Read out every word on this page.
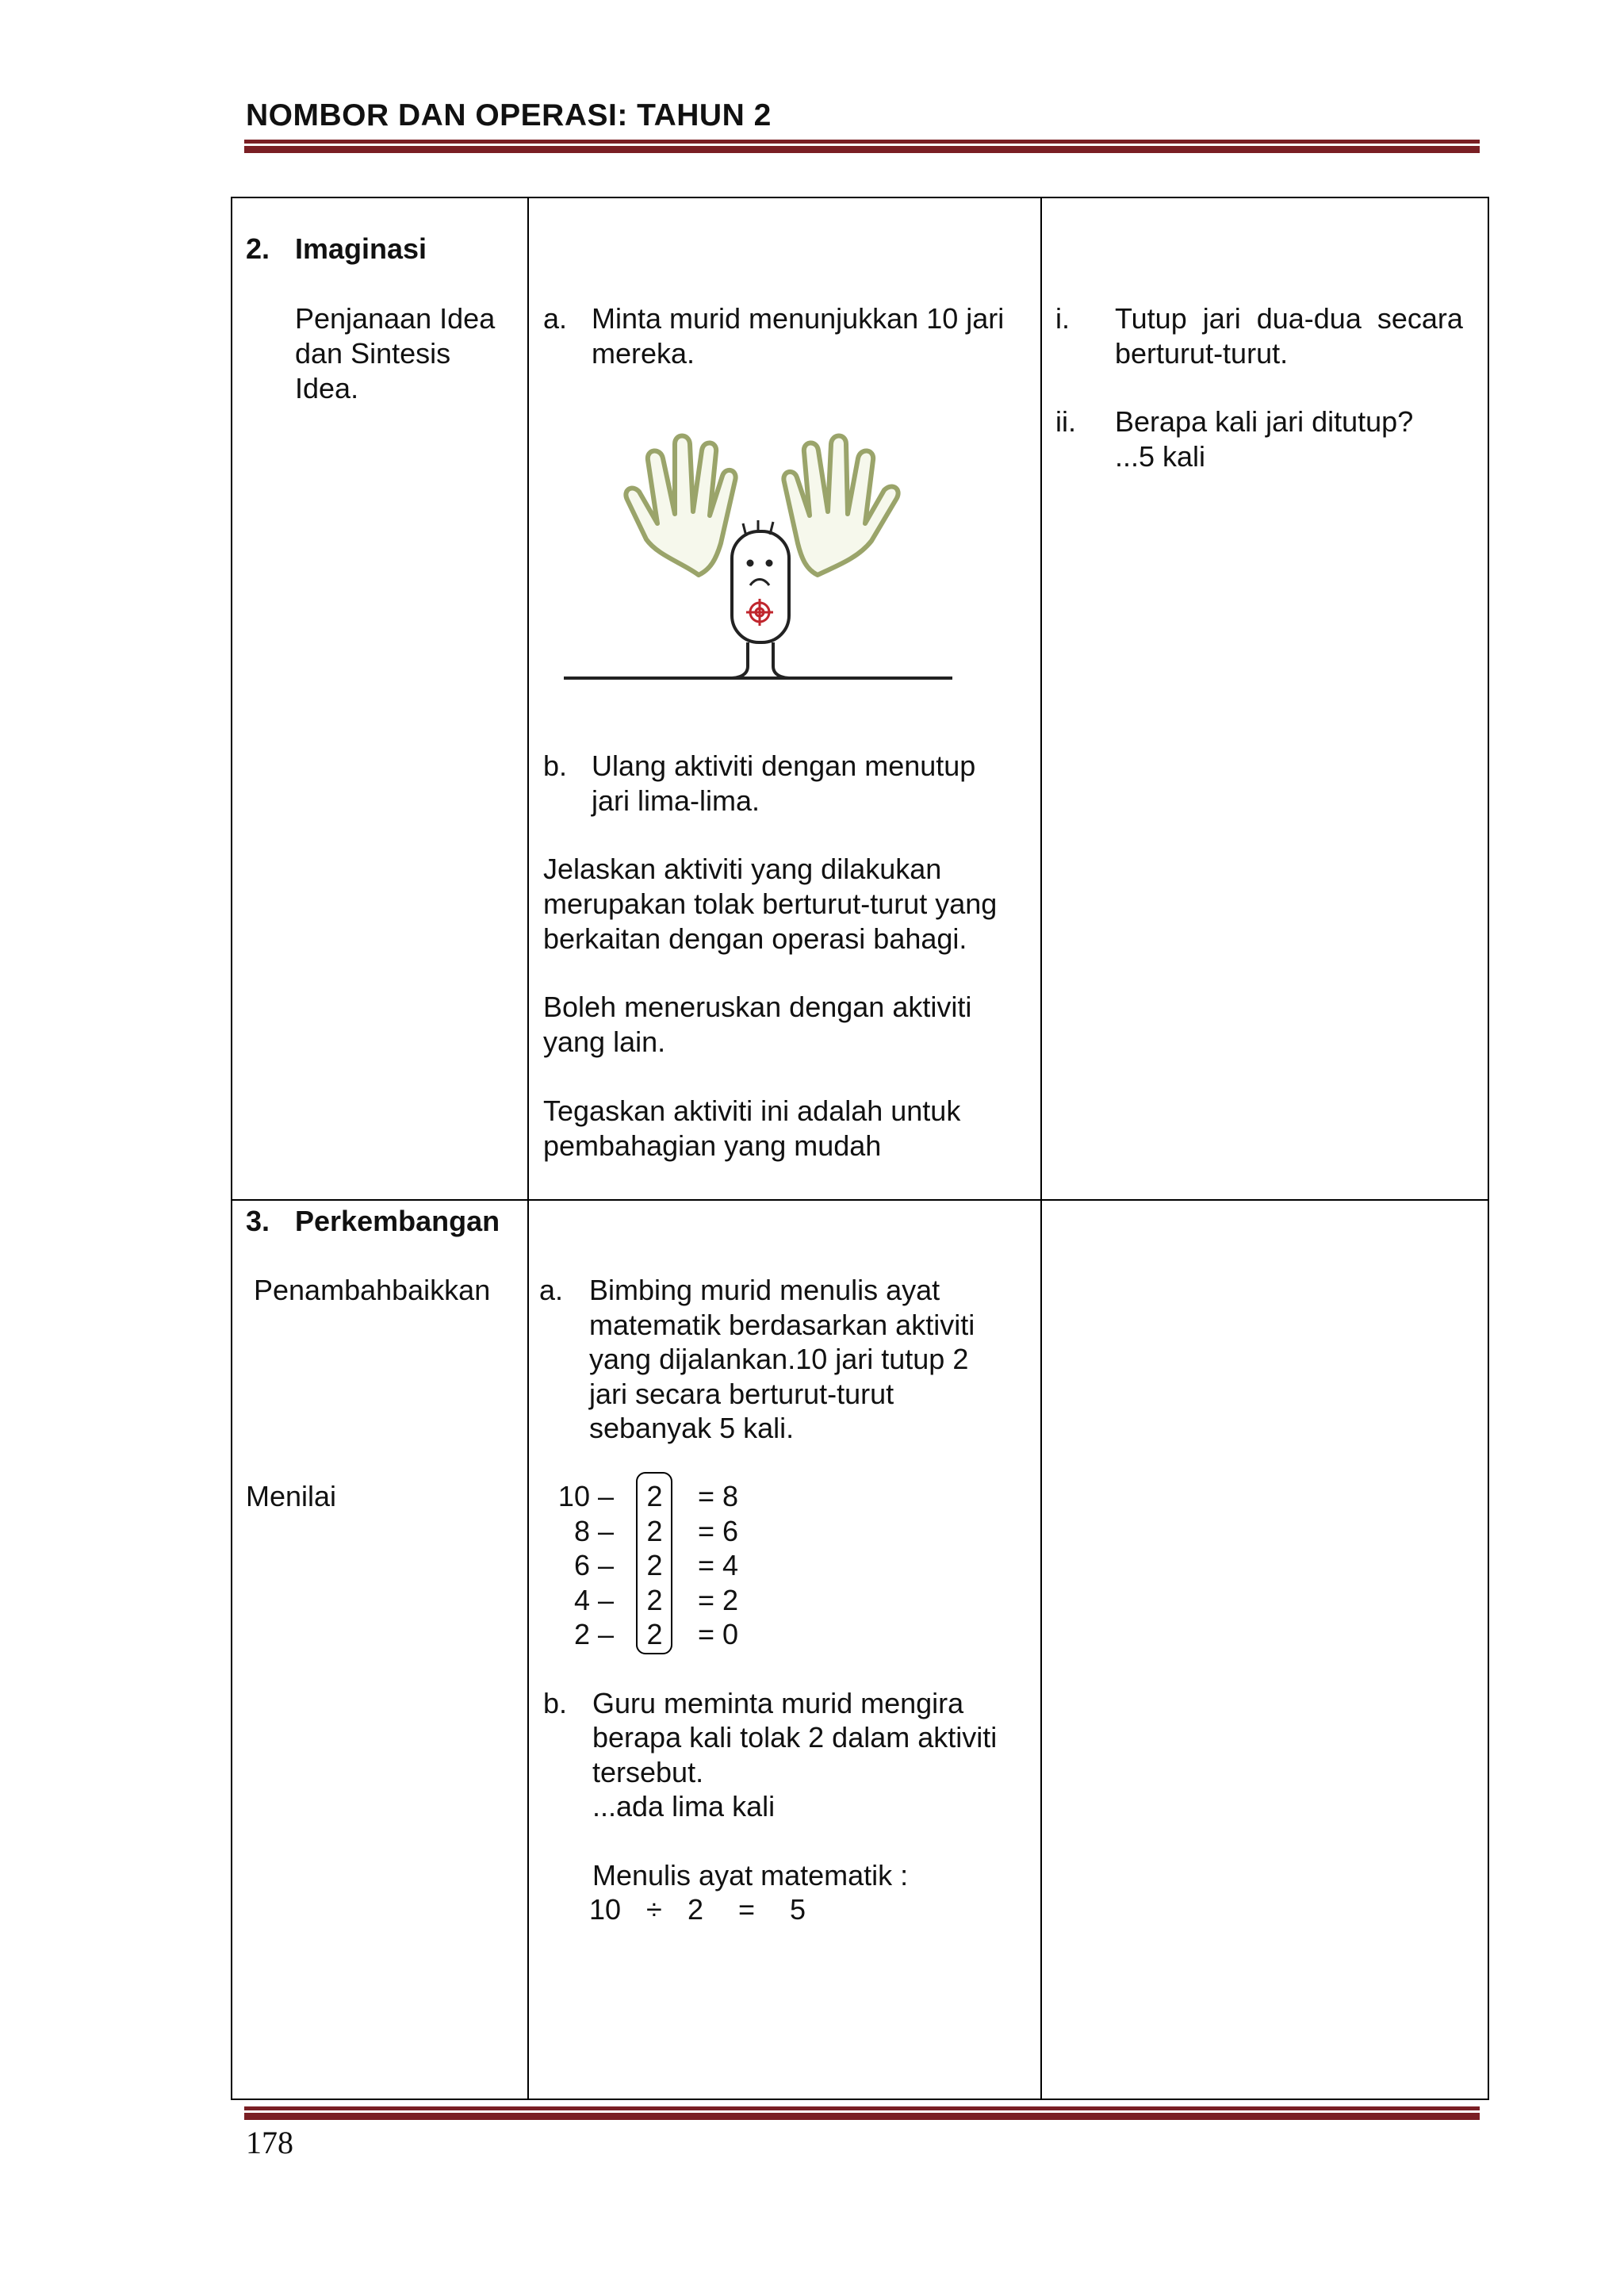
NOMBOR DAN OPERASI: TAHUN 2
2. Imaginasi
Penjanaan Idea
dan Sintesis
Idea.
a. Minta murid menunjukkan 10 jari
mereka.
b. Ulang aktiviti dengan menutup
jari lima-lima.
Jelaskan aktiviti yang dilakukan
merupakan tolak berturut-turut yang
berkaitan dengan operasi bahagi.
Boleh meneruskan dengan aktiviti
yang lain.
Tegaskan aktiviti ini adalah untuk
pembahagian yang mudah
i. Tutup  jari  dua-dua  secara
berturut-turut.
ii. Berapa kali jari ditutup?
...5 kali
3. Perkembangan
Penambahbaikkan
Menilai
a. Bimbing murid menulis ayat
matematik berdasarkan aktiviti
yang dijalankan.10 jari tutup 2
jari secara berturut-turut
sebanyak 5 kali.
10 – 2 = 8
8 – 2 = 6
6 – 2 = 4
4 – 2 = 2
2 – 2 = 0
b. Guru meminta murid mengira
berapa kali tolak 2 dalam aktiviti
tersebut.
...ada lima kali
Menulis ayat matematik :
10 ÷ 2 = 5
178
